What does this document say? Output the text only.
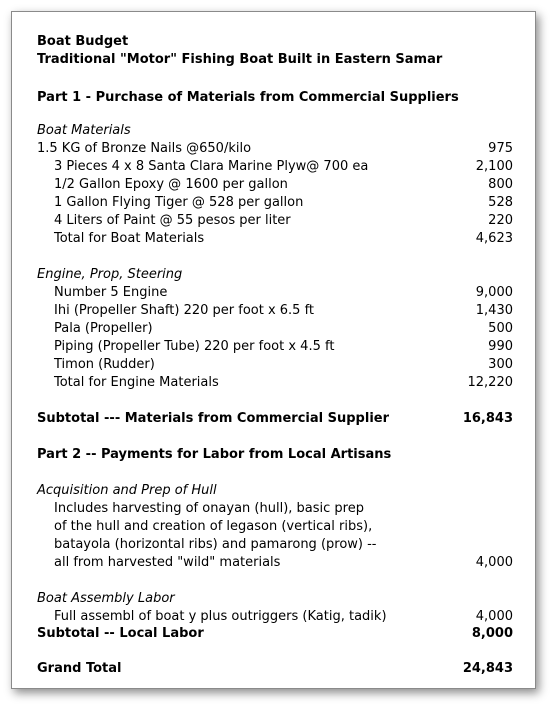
Boat Budget
Traditional "Motor" Fishing Boat Built in Eastern Samar
Part 1 - Purchase of Materials from Commercial Suppliers
Boat Materials
1.5 KG of Bronze Nails @650/kilo	975
3 Pieces 4 x 8 Santa Clara Marine Plyw@ 700 ea	2,100
1/2 Gallon Epoxy @ 1600 per gallon	800
1 Gallon Flying Tiger @ 528 per gallon	528
4 Liters of Paint @ 55 pesos per liter	220
Total for Boat Materials	4,623
Engine, Prop, Steering
Number 5 Engine	9,000
Ihi (Propeller Shaft) 220 per foot x 6.5 ft	1,430
Pala (Propeller)	500
Piping (Propeller Tube) 220 per foot x 4.5 ft	990
Timon (Rudder)	300
Total for Engine Materials	12,220
Subtotal --- Materials from Commercial Supplier	16,843
Part 2 -- Payments for Labor from Local Artisans
Acquisition and Prep of Hull
Includes harvesting of onayan (hull), basic prep
of the hull and creation of legason (vertical ribs),
batayola (horizontal ribs) and pamarong (prow) --
all from harvested "wild" materials	4,000
Boat Assembly Labor
Full assembl of boat y plus outriggers (Katig, tadik)	4,000
Subtotal -- Local Labor	8,000
Grand Total	24,843
